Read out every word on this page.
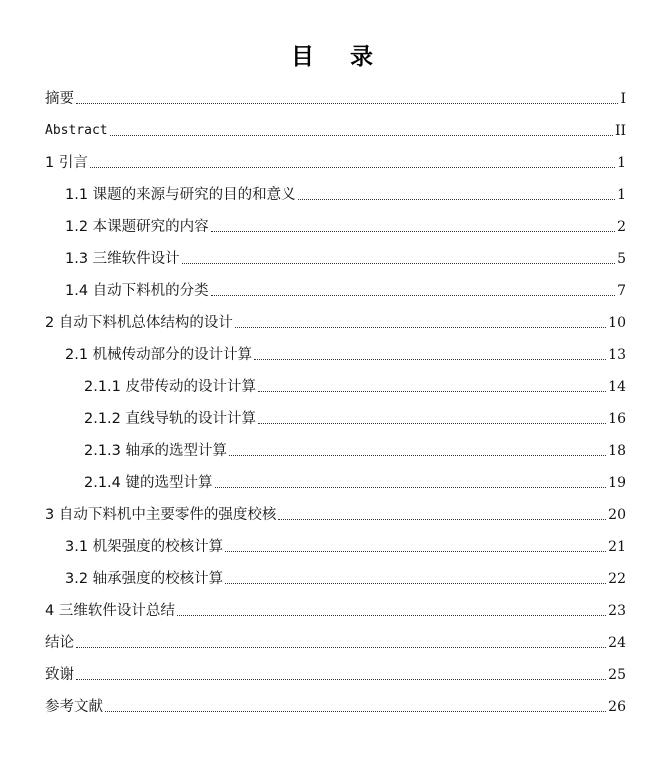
目 录
摘要	I
Abstract	II
1 引言	1
1.1 课题的来源与研究的目的和意义	1
1.2 本课题研究的内容	2
1.3 三维软件设计	5
1.4 自动下料机的分类	7
2 自动下料机总体结构的设计	10
2.1 机械传动部分的设计计算	13
2.1.1 皮带传动的设计计算	14
2.1.2 直线导轨的设计计算	16
2.1.3 轴承的选型计算	18
2.1.4 键的选型计算	19
3 自动下料机中主要零件的强度校核	20
3.1 机架强度的校核计算	21
3.2 轴承强度的校核计算	22
4 三维软件设计总结	23
结论	24
致谢	25
参考文献	26
